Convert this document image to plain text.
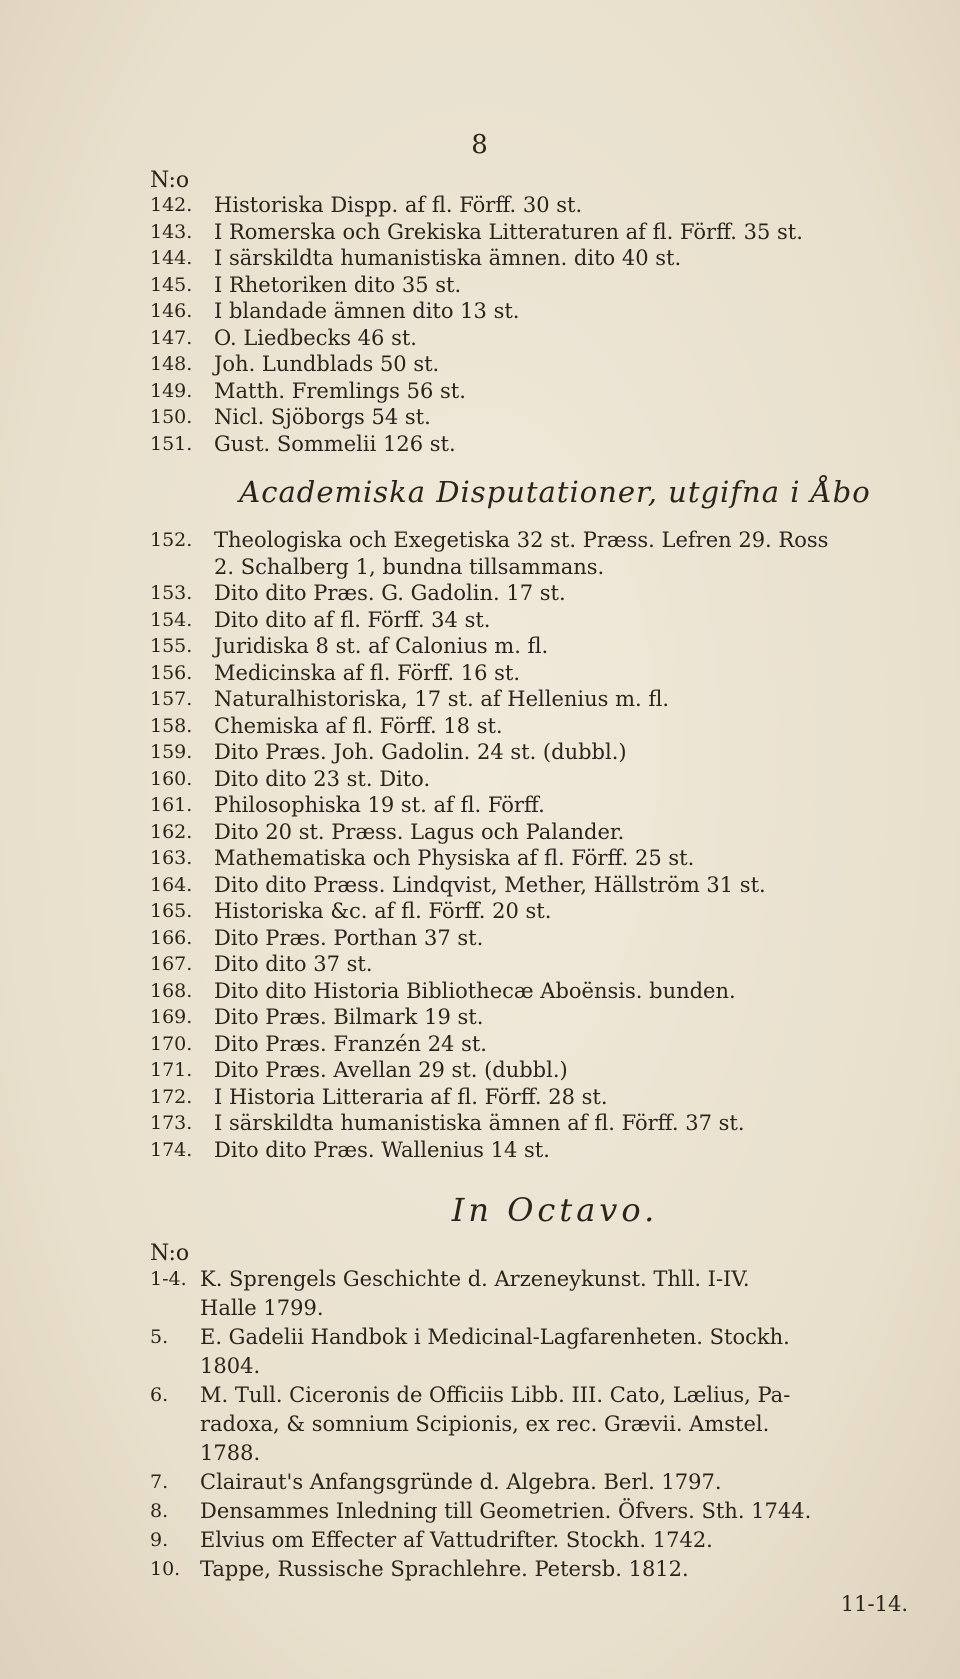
8
N:o
142.	Historiska Dispp. af fl. Förff. 30 st.
143.	I Romerska och Grekiska Litteraturen af fl. Förff. 35 st.
144.	I särskildta humanistiska ämnen. dito 40 st.
145.	I Rhetoriken dito 35 st.
146.	I blandade ämnen dito 13 st.
147.	O. Liedbecks 46 st.
148.	Joh. Lundblads 50 st.
149.	Matth. Fremlings 56 st.
150.	Nicl. Sjöborgs 54 st.
151.	Gust. Sommelii 126 st.
Academiska Disputationer, utgifna i Åbo
152.	Theologiska och Exegetiska 32 st. Præss. Lefren 29. Ross
2. Schalberg 1, bundna tillsammans.
153.	Dito dito Præs. G. Gadolin. 17 st.
154.	Dito dito af fl. Förff. 34 st.
155.	Juridiska 8 st. af Calonius m. fl.
156.	Medicinska af fl. Förff. 16 st.
157.	Naturalhistoriska, 17 st. af Hellenius m. fl.
158.	Chemiska af fl. Förff. 18 st.
159.	Dito Præs. Joh. Gadolin. 24 st. (dubbl.)
160.	Dito dito 23 st. Dito.
161.	Philosophiska 19 st. af fl. Förff.
162.	Dito 20 st. Præss. Lagus och Palander.
163.	Mathematiska och Physiska af fl. Förff. 25 st.
164.	Dito dito Præss. Lindqvist, Mether, Hällström 31 st.
165.	Historiska &c. af fl. Förff. 20 st.
166.	Dito Præs. Porthan 37 st.
167.	Dito dito 37 st.
168.	Dito dito Historia Bibliothecæ Aboënsis. bunden.
169.	Dito Præs. Bilmark 19 st.
170.	Dito Præs. Franzén 24 st.
171.	Dito Præs. Avellan 29 st. (dubbl.)
172.	I Historia Litteraria af fl. Förff. 28 st.
173.	I särskildta humanistiska ämnen af fl. Förff. 37 st.
174.	Dito dito Præs. Wallenius 14 st.
In Octavo.
N:o
1-4. K. Sprengels Geschichte d. Arzeneykunst. Thll. I-IV.
Halle 1799.
5.	E. Gadelii Handbok i Medicinal-Lagfarenheten. Stockh.
1804.
6.	M. Tull. Ciceronis de Officiis Libb. III. Cato, Lælius, Pa-
radoxa, & somnium Scipionis, ex rec. Grævii. Amstel.
1788.
7.	Clairaut's Anfangsgründe d. Algebra. Berl. 1797.
8.	Densammes Inledning till Geometrien. Öfvers. Sth. 1744.
9.	Elvius om Effecter af Vattudrifter. Stockh. 1742.
10. Tappe, Russische Sprachlehre. Petersb. 1812.
11-14.
